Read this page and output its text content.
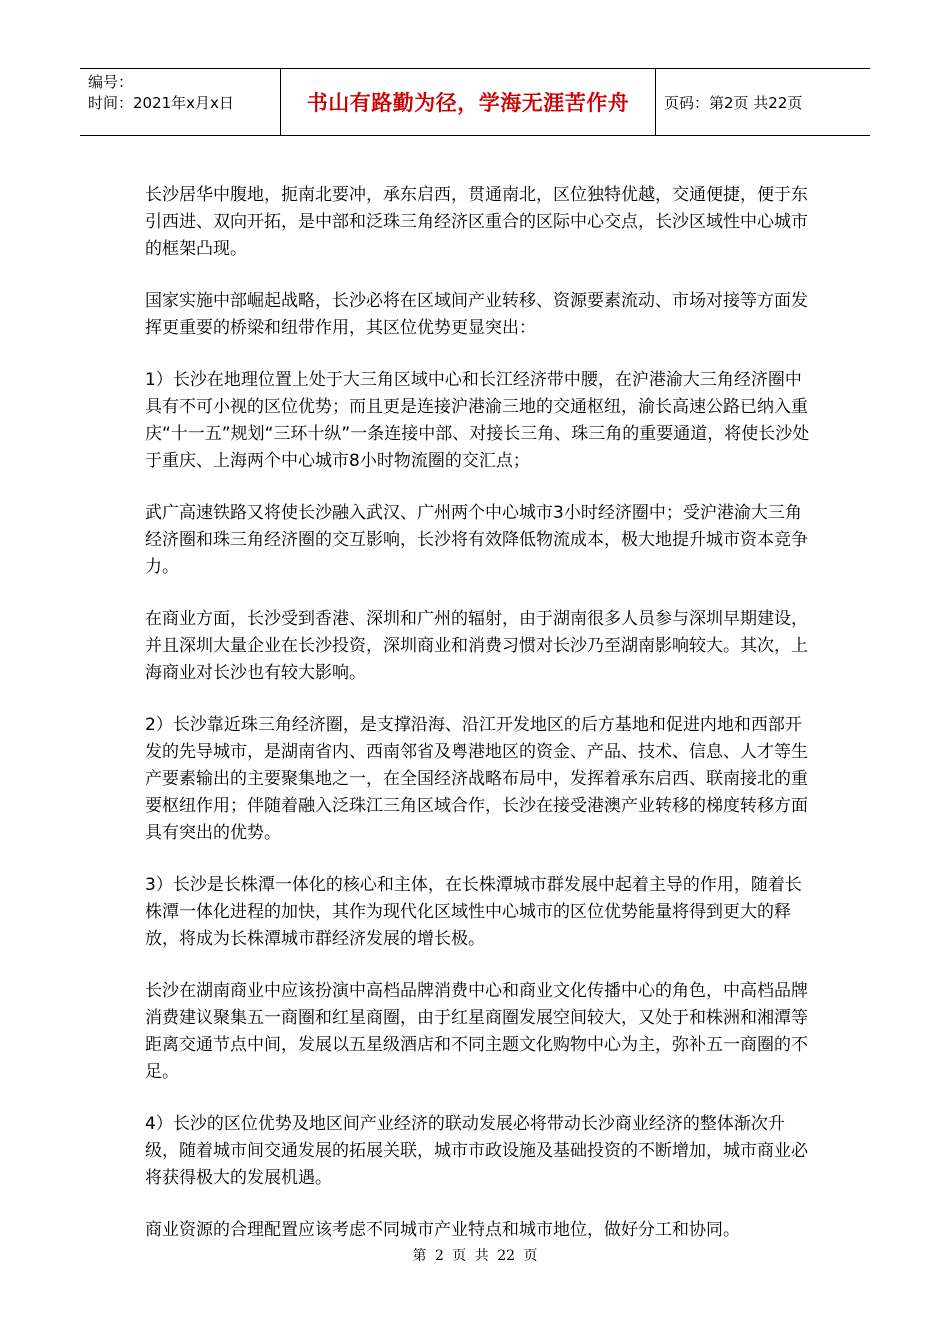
编号：
时间：2021年x月x日	书山有路勤为径，学海无涯苦作舟	页码：第2页 共22页

长沙居华中腹地，扼南北要冲，承东启西，贯通南北，区位独特优越，交通便捷，便于东引西进、双向开拓，是中部和泛珠三角经济区重合的区际中心交点，长沙区域性中心城市的框架凸现。

国家实施中部崛起战略，长沙必将在区域间产业转移、资源要素流动、市场对接等方面发挥更重要的桥梁和纽带作用，其区位优势更显突出：

1）长沙在地理位置上处于大三角区域中心和长江经济带中腰，在沪港渝大三角经济圈中具有不可小视的区位优势；而且更是连接沪港渝三地的交通枢纽，渝长高速公路已纳入重庆“十一五”规划“三环十纵”一条连接中部、对接长三角、珠三角的重要通道，将使长沙处于重庆、上海两个中心城市8小时物流圈的交汇点；

武广高速铁路又将使长沙融入武汉、广州两个中心城市3小时经济圈中；受沪港渝大三角经济圈和珠三角经济圈的交互影响，长沙将有效降低物流成本，极大地提升城市资本竞争力。

在商业方面，长沙受到香港、深圳和广州的辐射，由于湖南很多人员参与深圳早期建设，并且深圳大量企业在长沙投资，深圳商业和消费习惯对长沙乃至湖南影响较大。其次，上海商业对长沙也有较大影响。

2）长沙靠近珠三角经济圈，是支撑沿海、沿江开发地区的后方基地和促进内地和西部开发的先导城市，是湖南省内、西南邻省及粤港地区的资金、产品、技术、信息、人才等生产要素输出的主要聚集地之一，在全国经济战略布局中，发挥着承东启西、联南接北的重要枢纽作用；伴随着融入泛珠江三角区域合作，长沙在接受港澳产业转移的梯度转移方面具有突出的优势。

3）长沙是长株潭一体化的核心和主体，在长株潭城市群发展中起着主导的作用，随着长株潭一体化进程的加快，其作为现代化区域性中心城市的区位优势能量将得到更大的释放，将成为长株潭城市群经济发展的增长极。

长沙在湖南商业中应该扮演中高档品牌消费中心和商业文化传播中心的角色，中高档品牌消费建议聚集五一商圈和红星商圈，由于红星商圈发展空间较大，又处于和株洲和湘潭等距离交通节点中间，发展以五星级酒店和不同主题文化购物中心为主，弥补五一商圈的不足。

4）长沙的区位优势及地区间产业经济的联动发展必将带动长沙商业经济的整体渐次升级，随着城市间交通发展的拓展关联，城市市政设施及基础投资的不断增加，城市商业必将获得极大的发展机遇。

商业资源的合理配置应该考虑不同城市产业特点和城市地位，做好分工和协同。

第 2 页 共 22 页
